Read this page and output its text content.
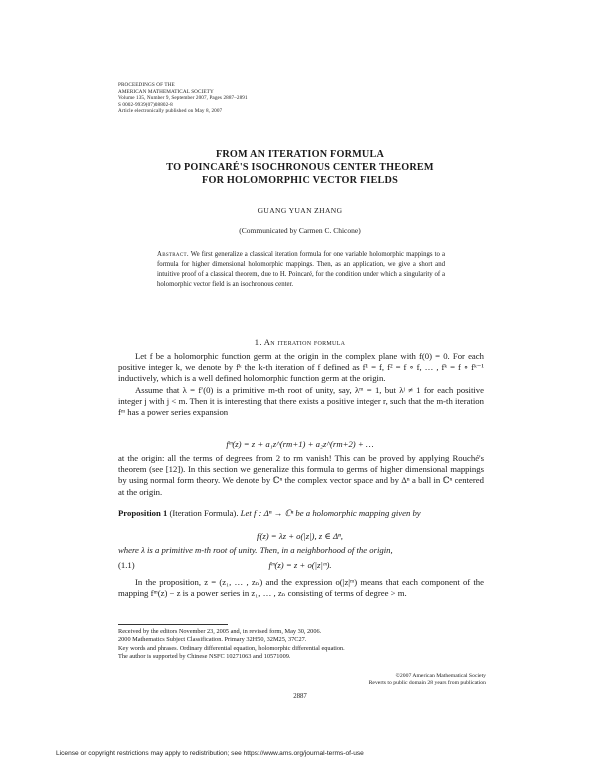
PROCEEDINGS OF THE
AMERICAN MATHEMATICAL SOCIETY
Volume 135, Number 9, September 2007, Pages 2887–2891
S 0002-9939(07)08802-8
Article electronically published on May 8, 2007
FROM AN ITERATION FORMULA
TO POINCARÉ'S ISOCHRONOUS CENTER THEOREM
FOR HOLOMORPHIC VECTOR FIELDS
GUANG YUAN ZHANG
(Communicated by Carmen C. Chicone)
Abstract. We first generalize a classical iteration formula for one variable holomorphic mappings to a formula for higher dimensional holomorphic mappings. Then, as an application, we give a short and intuitive proof of a classical theorem, due to H. Poincaré, for the condition under which a singularity of a holomorphic vector field is an isochronous center.
1. An iteration formula

Let f be a holomorphic function germ at the origin in the complex plane with f(0) = 0. For each positive integer k, we denote by fᵏ the k-th iteration of f defined as f¹ = f, f² = f ∘ f, … , fᵏ = f ∘ fᵏ⁻¹ inductively, which is a well defined holomorphic function germ at the origin.

Assume that λ = f′(0) is a primitive m-th root of unity, say, λᵐ = 1, but λʲ ≠ 1 for each positive integer j with j < m. Then it is interesting that there exists a positive integer r, such that the m-th iteration fᵐ has a power series expansion

fᵐ(z) = z + a₁z^(rm+1) + a₂z^(rm+2) + …

at the origin: all the terms of degrees from 2 to rm vanish! This can be proved by applying Rouché's theorem (see [12]). In this section we generalize this formula to germs of higher dimensional mappings by using normal form theory. We denote by ℂⁿ the complex vector space and by Δⁿ a ball in ℂⁿ centered at the origin.

Proposition 1 (Iteration Formula). Let f : Δⁿ → ℂⁿ be a holomorphic mapping given by

f(z) = λz + o(|z|), z ∈ Δⁿ,

where λ is a primitive m-th root of unity. Then, in a neighborhood of the origin,

(1.1)	fᵐ(z) = z + o(|z|ᵐ).

In the proposition, z = (z₁, … , zₙ) and the expression o(|z|ᵐ) means that each component of the mapping fᵐ(z) − z is a power series in z₁, … , zₙ consisting of terms of degree > m.

Received by the editors November 23, 2005 and, in revised form, May 30, 2006.
2000 Mathematics Subject Classification. Primary 32H50, 32M25, 37C27.
Key words and phrases. Ordinary differential equation, holomorphic differential equation.
The author is supported by Chinese NSFC 10271063 and 10571009.
©2007 American Mathematical Society
Reverts to public domain 28 years from publication
2887
License or copyright restrictions may apply to redistribution; see https://www.ams.org/journal-terms-of-use
